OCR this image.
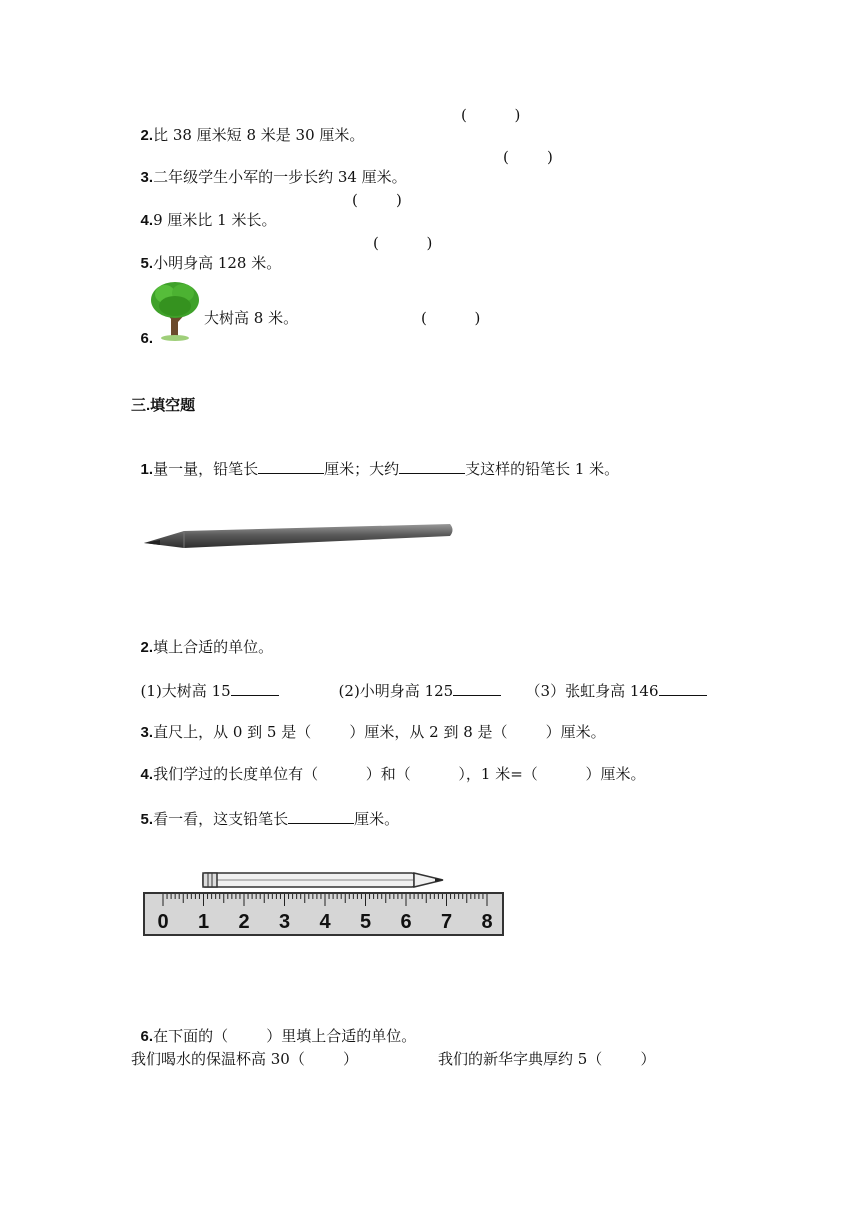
2.比 38 厘米短 8 米是 30 厘米。

(          )

3.二年级学生小军的一步长约 34 厘米。

(        )

4.9 厘米比 1 米长。

(        )

5.小明身高 128 米。

(          )

6.

大树高 8 米。	(          )
三.填空题

1.量一量，铅笔长	厘米；大约	支这样的铅笔长 1 米。

2.填上合适的单位。

(1)大树高 15	(2)小明身高 125	（3）张虹身高 146

3.直尺上，从 0 到 5 是（        ）厘米，从 2 到 8 是（        ）厘米。

4.我们学过的长度单位有（          ）和（          ），1 米=（          ）厘米。

5.看一看，这支铅笔长	厘米。

0 1 2 3 4 5 6 7 8

6.在下面的（        ）里填上合适的单位。

我们喝水的保温杯高 30（        ）	我们的新华字典厚约 5（        ）
